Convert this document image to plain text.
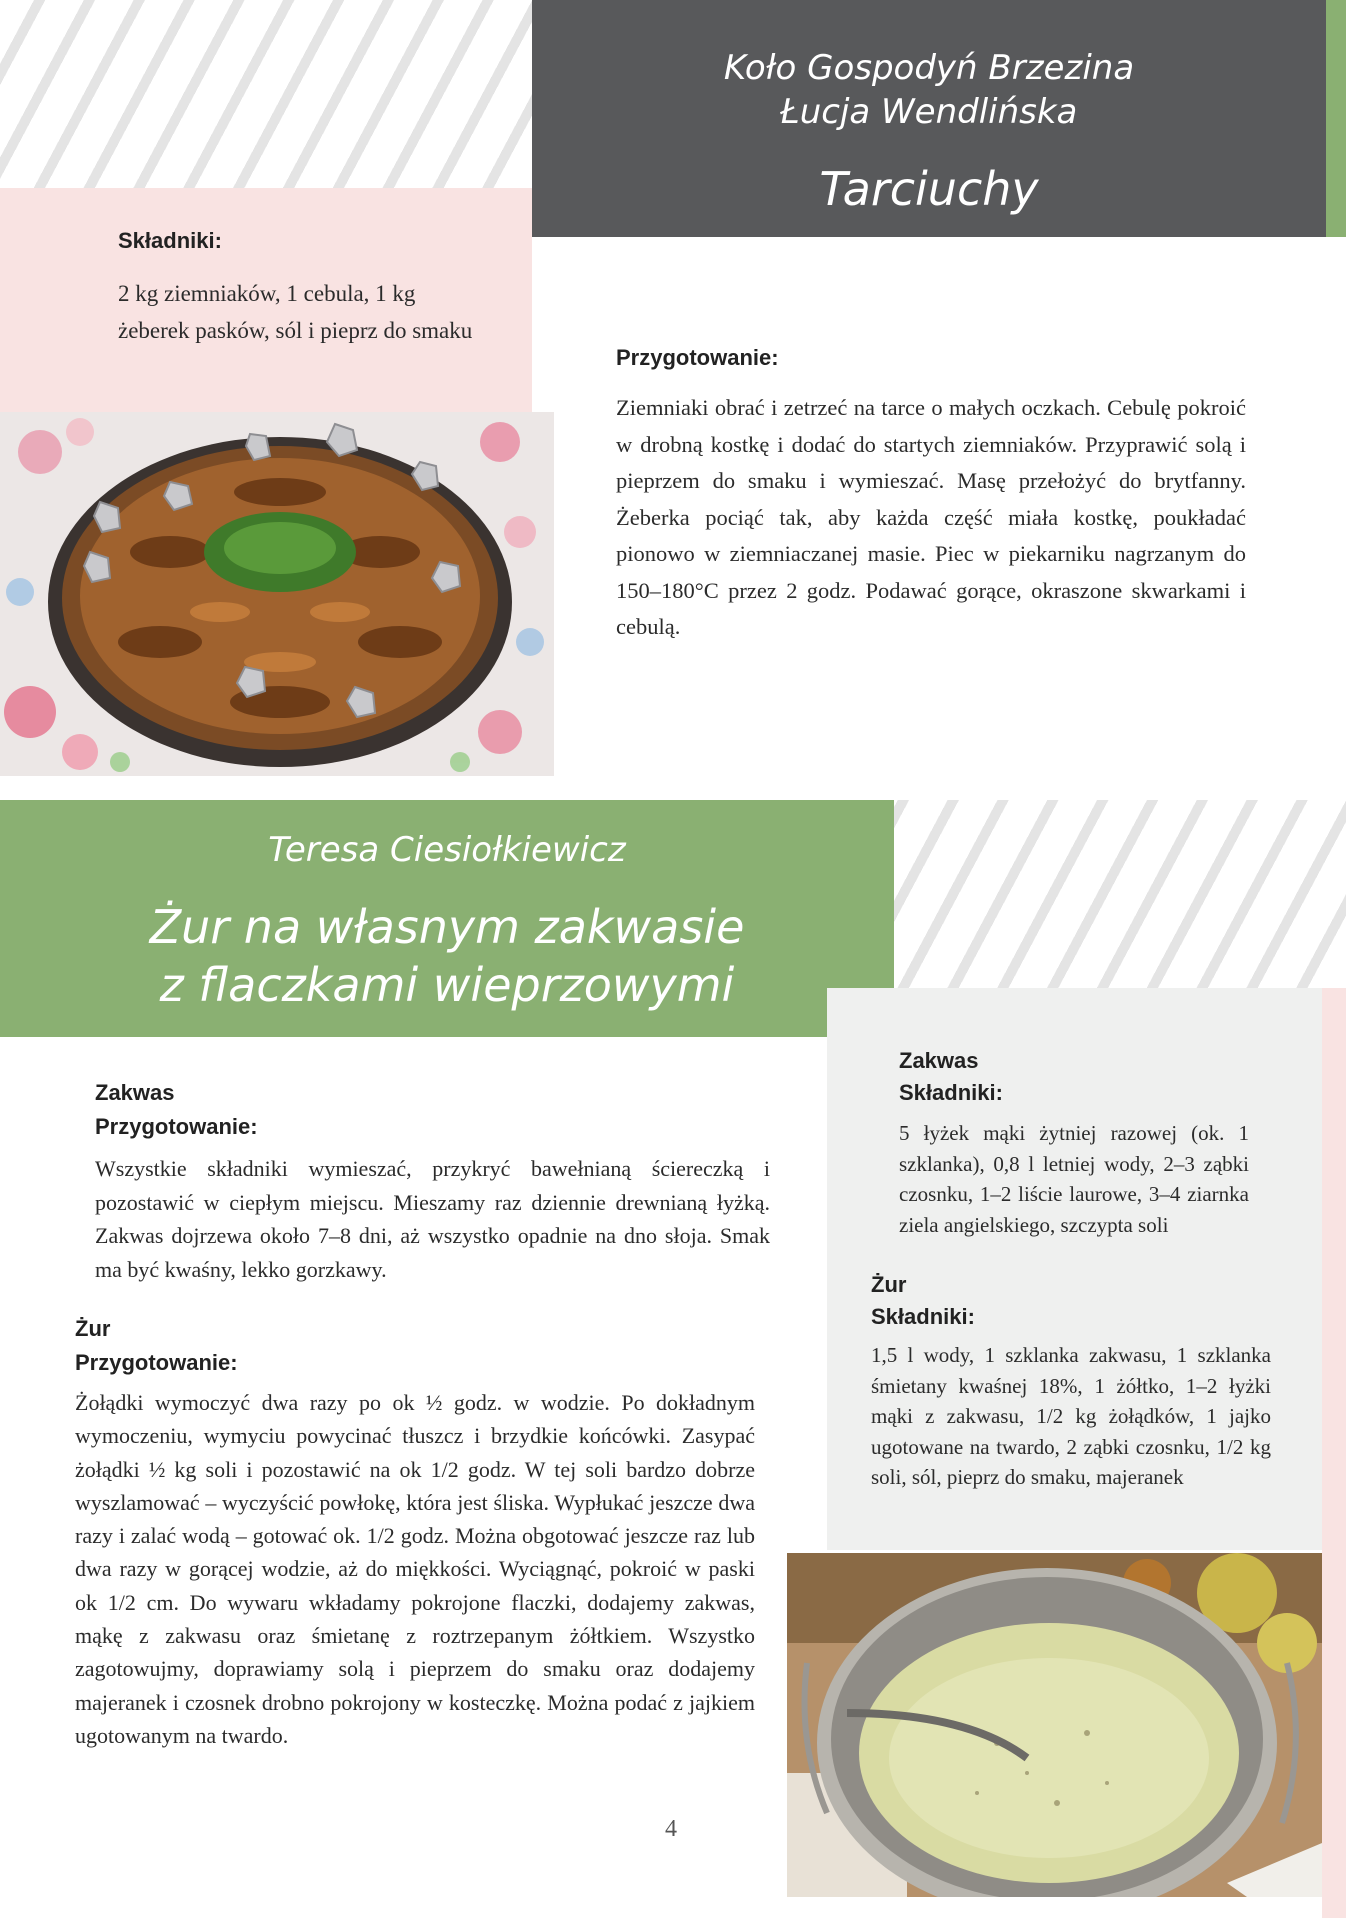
Koło Gospodyń Brzezina
Łucja Wendlińska
Tarciuchy
Składniki:
2 kg ziemniaków, 1 cebula, 1 kg żeberek pasków, sól i pieprz do smaku
Przygotowanie:
Ziemniaki obrać i zetrzeć na tarce o małych oczkach. Cebulę pokroić w drobną kostkę i dodać do startych ziemniaków. Przyprawić solą i pieprzem do smaku i wymieszać. Masę przełożyć do brytfanny. Żeberka pociąć tak, aby każda część miała kostkę, poukładać pionowo w ziemniaczanej masie. Piec w piekarniku nagrzanym do 150–180°C przez 2 godz. Podawać gorące, okraszone skwarkami i cebulą.
Teresa Ciesiołkiewicz
Żur na własnym zakwasie
z flaczkami wieprzowymi
Zakwas
Składniki:
5 łyżek mąki żytniej razowej (ok. 1 szklanka), 0,8 l letniej wody, 2–3 ząbki czosnku, 1–2 liście laurowe, 3–4 ziarnka ziela angielskiego, szczypta soli
Żur
Składniki:
1,5 l wody, 1 szklanka zakwasu, 1 szklanka śmietany kwaśnej 18%, 1 żółtko, 1–2 łyżki mąki z zakwasu, 1/2 kg żołądków, 1 jajko ugotowane na twardo, 2 ząbki czosnku, 1/2 kg soli, sól, pieprz do smaku, majeranek
Zakwas
Przygotowanie:
Wszystkie składniki wymieszać, przykryć bawełnianą ściereczką i pozostawić w ciepłym miejscu. Mieszamy raz dziennie drewnianą łyżką. Zakwas dojrzewa około 7–8 dni, aż wszystko opadnie na dno słoja. Smak ma być kwaśny, lekko gorzkawy.
Żur
Przygotowanie:
Żołądki wymoczyć dwa razy po ok ½ godz. w wodzie. Po dokładnym wymoczeniu, wymyciu powycinać tłuszcz i brzydkie końcówki. Zasypać żołądki ½ kg soli i pozostawić na ok 1/2 godz. W tej soli bardzo dobrze wyszlamować – wyczyścić powłokę, która jest śliska. Wypłukać jeszcze dwa razy i zalać wodą – gotować ok. 1/2 godz. Można obgotować jeszcze raz lub dwa razy w gorącej wodzie, aż do miękkości. Wyciągnąć, pokroić w paski ok 1/2 cm. Do wywaru wkładamy pokrojone flaczki, dodajemy zakwas, mąkę z zakwasu oraz śmietanę z roztrzepanym żółtkiem. Wszystko zagotowujmy, doprawiamy solą i pieprzem do smaku oraz dodajemy majeranek i czosnek drobno pokrojony w kosteczkę. Można podać z jajkiem ugotowanym na twardo.
4
